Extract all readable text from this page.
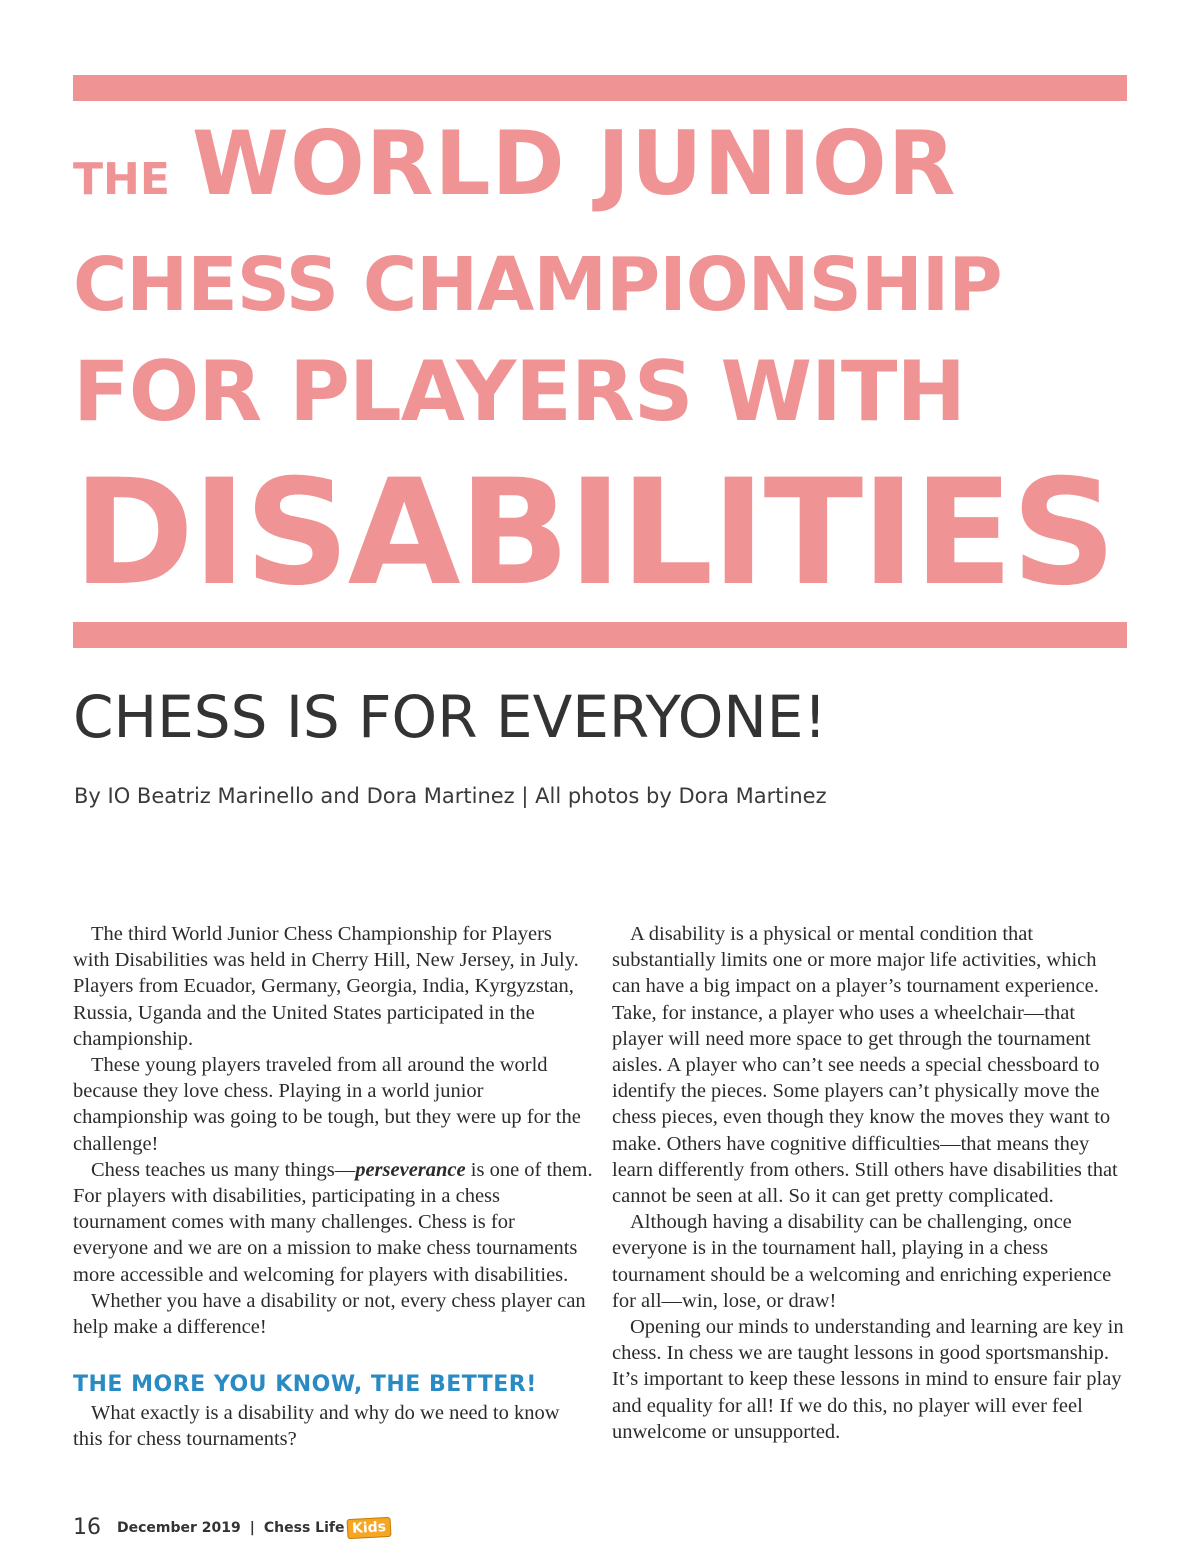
THE WORLD JUNIOR
CHESS CHAMPIONSHIP
FOR PLAYERS WITH
DISABILITIES
CHESS IS FOR EVERYONE!
By IO Beatriz Marinello and Dora Martinez | All photos by Dora Martinez

The third World Junior Chess Championship for Players with Disabilities was held in Cherry Hill, New Jersey, in July. Players from Ecuador, Germany, Georgia, India, Kyrgyzstan, Russia, Uganda and the United States participated in the championship.

These young players traveled from all around the world because they love chess. Playing in a world junior championship was going to be tough, but they were up for the challenge!

Chess teaches us many things—perseverance is one of them. For players with disabilities, participating in a chess tournament comes with many challenges. Chess is for everyone and we are on a mission to make chess tournaments more accessible and welcoming for players with disabilities.

Whether you have a disability or not, every chess player can help make a difference!

THE MORE YOU KNOW, THE BETTER!

What exactly is a disability and why do we need to know this for chess tournaments?

A disability is a physical or mental condition that substantially limits one or more major life activities, which can have a big impact on a player’s tournament experience. Take, for instance, a player who uses a wheelchair—that player will need more space to get through the tournament aisles. A player who can’t see needs a special chessboard to identify the pieces. Some players can’t physically move the chess pieces, even though they know the moves they want to make. Others have cognitive difficulties—that means they learn differently from others. Still others have disabilities that cannot be seen at all. So it can get pretty complicated.

Although having a disability can be challenging, once everyone is in the tournament hall, playing in a chess tournament should be a welcoming and enriching experience for all—win, lose, or draw!

Opening our minds to understanding and learning are key in chess. In chess we are taught lessons in good sportsmanship. It’s important to keep these lessons in mind to ensure fair play and equality for all! If we do this, no player will ever feel unwelcome or unsupported.

16 December 2019 | Chess Life Kids
